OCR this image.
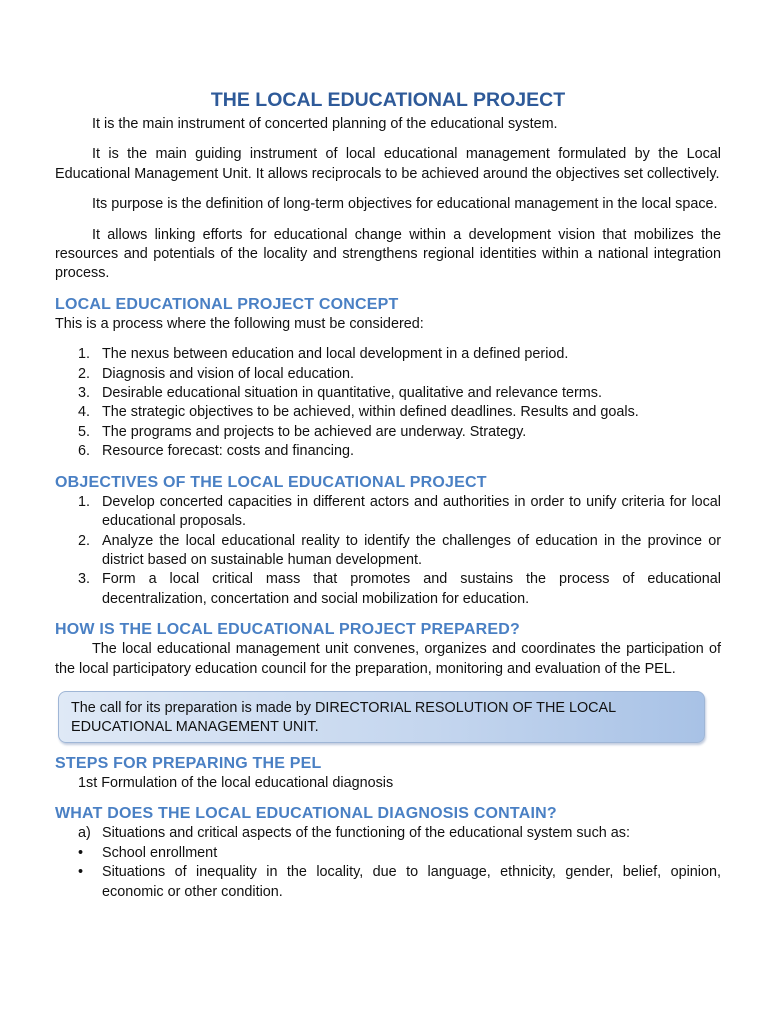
THE LOCAL EDUCATIONAL PROJECT

It is the main instrument of concerted planning of the educational system.

It is the main guiding instrument of local educational management formulated by the Local Educational Management Unit. It allows reciprocals to be achieved around the objectives set collectively.

Its purpose is the definition of long-term objectives for educational management in the local space.

It allows linking efforts for educational change within a development vision that mobilizes the resources and potentials of the locality and strengthens regional identities within a national integration process.

LOCAL EDUCATIONAL PROJECT CONCEPT

This is a process where the following must be considered:

1. The nexus between education and local development in a defined period.
2. Diagnosis and vision of local education.
3. Desirable educational situation in quantitative, qualitative and relevance terms.
4. The strategic objectives to be achieved, within defined deadlines. Results and goals.
5. The programs and projects to be achieved are underway. Strategy.
6. Resource forecast: costs and financing.
OBJECTIVES OF THE LOCAL EDUCATIONAL PROJECT
1. Develop concerted capacities in different actors and authorities in order to unify criteria for local educational proposals.
2. Analyze the local educational reality to identify the challenges of education in the province or district based on sustainable human development.
3. Form a local critical mass that promotes and sustains the process of educational decentralization, concertation and social mobilization for education.
HOW IS THE LOCAL EDUCATIONAL PROJECT PREPARED?

The local educational management unit convenes, organizes and coordinates the participation of the local participatory education council for the preparation, monitoring and evaluation of the PEL.

The call for its preparation is made by DIRECTORIAL RESOLUTION OF THE LOCAL EDUCATIONAL MANAGEMENT UNIT.
STEPS FOR PREPARING THE PEL

1st Formulation of the local educational diagnosis

WHAT DOES THE LOCAL EDUCATIONAL DIAGNOSIS CONTAIN?
a) Situations and critical aspects of the functioning of the educational system such as:
• School enrollment
• Situations of inequality in the locality, due to language, ethnicity, gender, belief, opinion, economic or other condition.
